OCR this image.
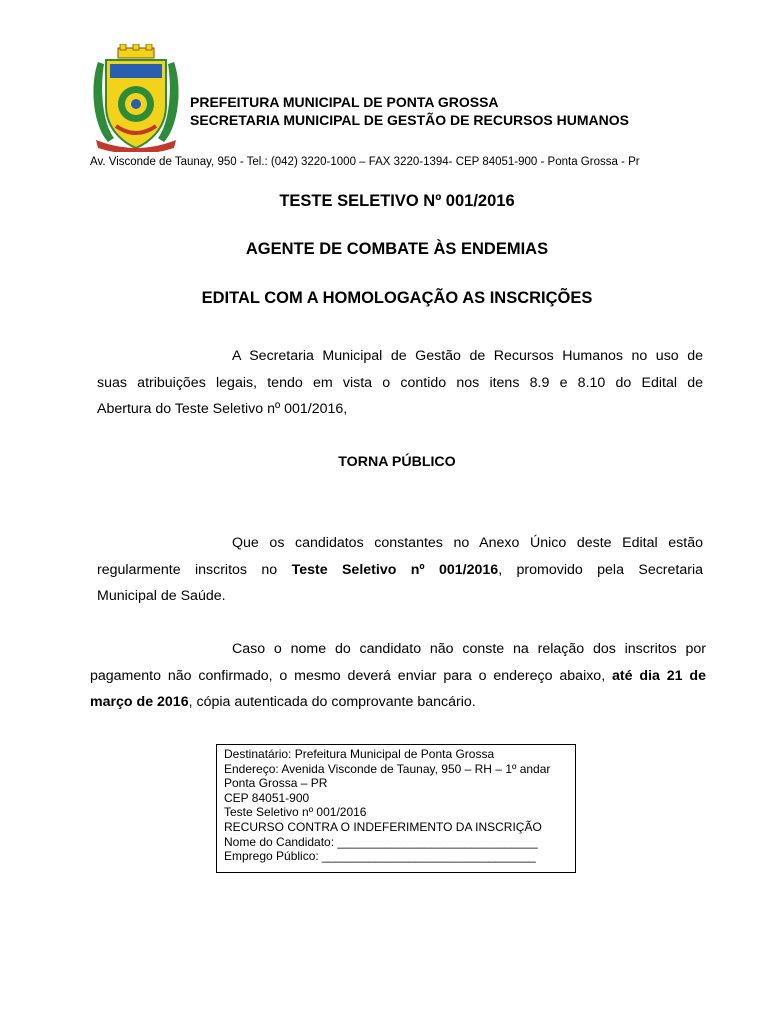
PREFEITURA MUNICIPAL DE PONTA GROSSA
SECRETARIA MUNICIPAL DE GESTÃO DE RECURSOS HUMANOS
Av. Visconde de Taunay, 950 - Tel.: (042) 3220-1000 – FAX 3220-1394- CEP 84051-900 - Ponta Grossa - Pr
TESTE SELETIVO Nº 001/2016
AGENTE DE COMBATE ÀS ENDEMIAS
EDITAL COM A HOMOLOGAÇÃO AS INSCRIÇÕES
A Secretaria Municipal de Gestão de Recursos Humanos no uso de
suas atribuições legais, tendo em vista o contido nos itens 8.9 e 8.10 do Edital de
Abertura do Teste Seletivo nº 001/2016,
TORNA PÚBLICO
Que os candidatos constantes no Anexo Único deste Edital estão
regularmente inscritos no Teste Seletivo nº 001/2016, promovido pela Secretaria
Municipal de Saúde.
Caso o nome do candidato não conste na relação dos inscritos por
pagamento não confirmado, o mesmo deverá enviar para o endereço abaixo, até dia 21 de
março de 2016, cópia autenticada do comprovante bancário.
Destinatário: Prefeitura Municipal de Ponta Grossa
Endereço: Avenida Visconde de Taunay, 950 – RH – 1º andar
Ponta Grossa – PR
CEP 84051-900
Teste Seletivo nº 001/2016
RECURSO CONTRA O INDEFERIMENTO DA INSCRIÇÃO
Nome do Candidato: ______________________________
Emprego Público: ________________________________
